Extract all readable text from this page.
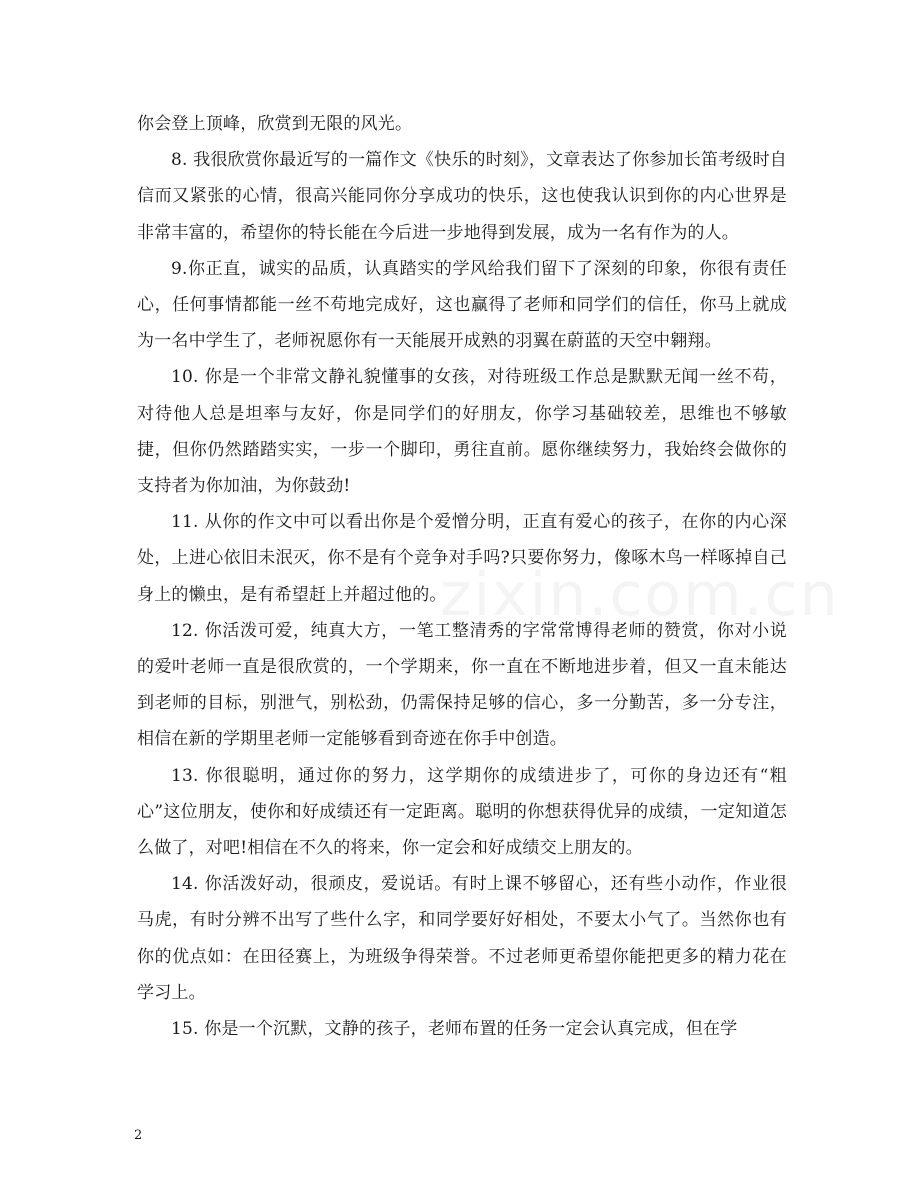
zixin.com.cn

你会登上顶峰，欣赏到无限的风光。

8. 我很欣赏你最近写的一篇作文《快乐的时刻》，文章表达了你参加长笛考级时自信而又紧张的心情，很高兴能同你分享成功的快乐，这也使我认识到你的内心世界是非常丰富的，希望你的特长能在今后进一步地得到发展，成为一名有作为的人。

9.你正直，诚实的品质，认真踏实的学风给我们留下了深刻的印象，你很有责任心，任何事情都能一丝不苟地完成好，这也赢得了老师和同学们的信任，你马上就成为一名中学生了，老师祝愿你有一天能展开成熟的羽翼在蔚蓝的天空中翱翔。

10. 你是一个非常文静礼貌懂事的女孩，对待班级工作总是默默无闻一丝不苟，对待他人总是坦率与友好，你是同学们的好朋友，你学习基础较差，思维也不够敏捷，但你仍然踏踏实实，一步一个脚印，勇往直前。愿你继续努力，我始终会做你的支持者为你加油，为你鼓劲!

11. 从你的作文中可以看出你是个爱憎分明，正直有爱心的孩子，在你的内心深处，上进心依旧未泯灭，你不是有个竞争对手吗?只要你努力，像啄木鸟一样啄掉自己身上的懒虫，是有希望赶上并超过他的。

12. 你活泼可爱，纯真大方，一笔工整清秀的字常常博得老师的赞赏，你对小说的爱叶老师一直是很欣赏的，一个学期来，你一直在不断地进步着，但又一直未能达到老师的目标，别泄气，别松劲，仍需保持足够的信心，多一分勤苦，多一分专注，相信在新的学期里老师一定能够看到奇迹在你手中创造。

13. 你很聪明，通过你的努力，这学期你的成绩进步了，可你的身边还有“粗心”这位朋友，使你和好成绩还有一定距离。聪明的你想获得优异的成绩，一定知道怎么做了，对吧!相信在不久的将来，你一定会和好成绩交上朋友的。

14. 你活泼好动，很顽皮，爱说话。有时上课不够留心，还有些小动作，作业很马虎，有时分辨不出写了些什么字，和同学要好好相处，不要太小气了。当然你也有你的优点如：在田径赛上，为班级争得荣誉。不过老师更希望你能把更多的精力花在学习上。

15. 你是一个沉默，文静的孩子，老师布置的任务一定会认真完成，但在学

2
